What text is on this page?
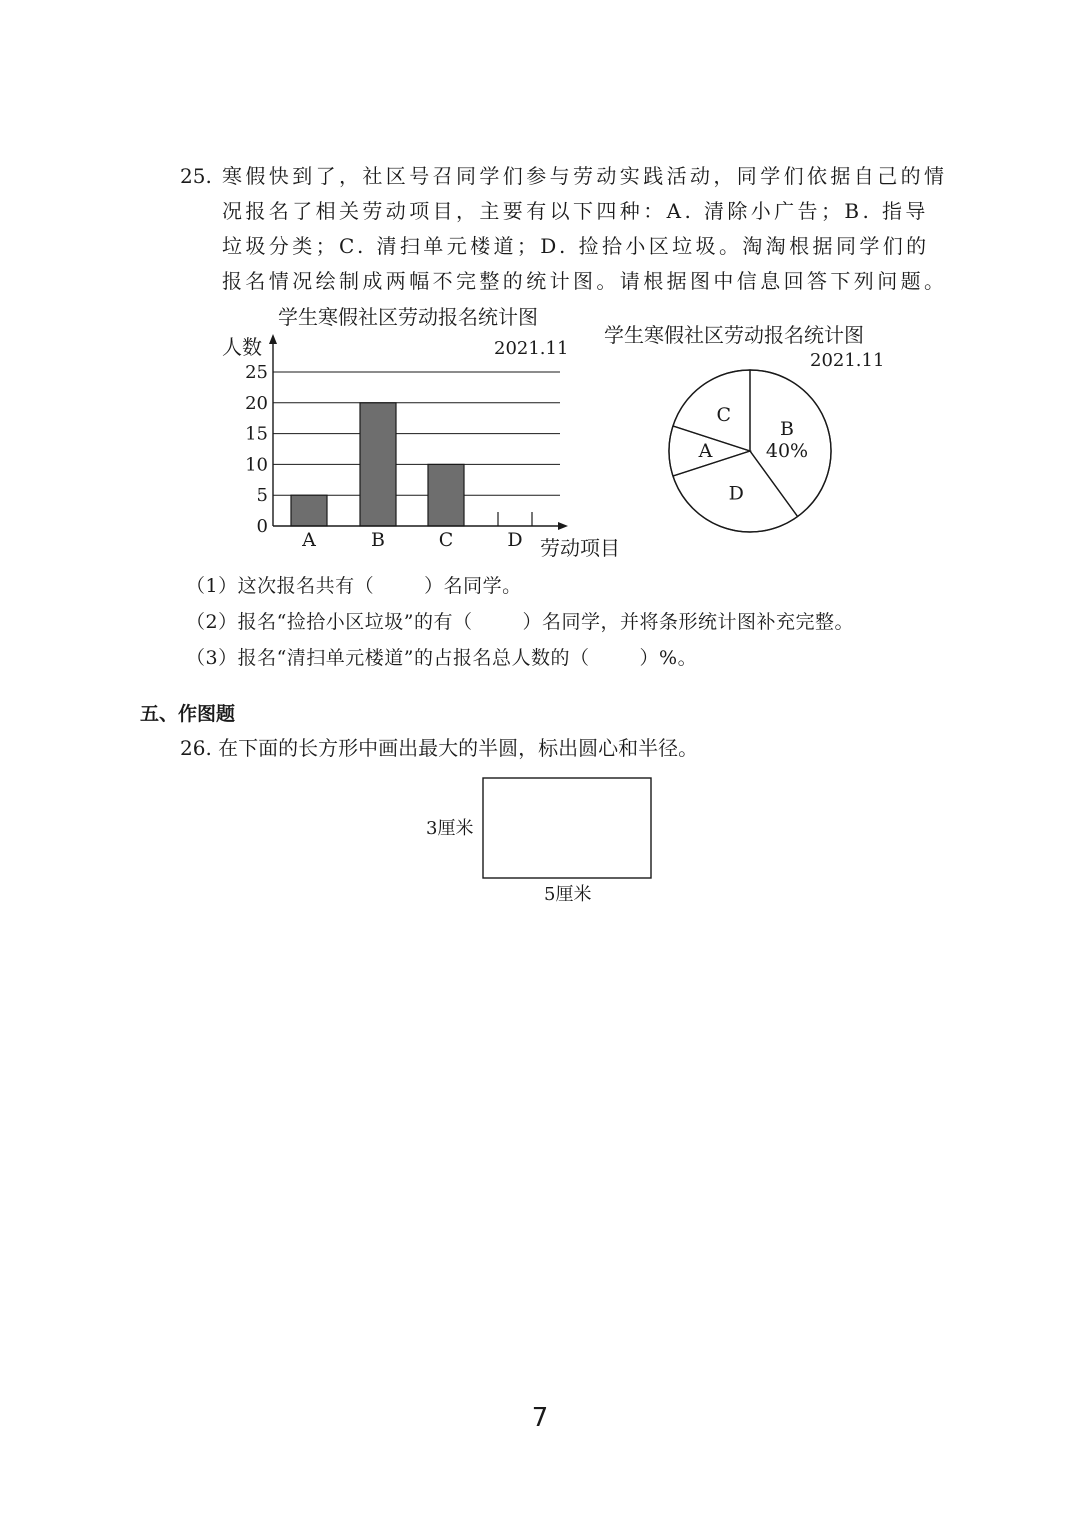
25. 寒假快到了，社区号召同学们参与劳动实践活动，同学们依据自己的情
况报名了相关劳动项目，主要有以下四种：A. 清除小广告；B. 指导
垃圾分类；C. 清扫单元楼道；D. 捡拾小区垃圾。淘淘根据同学们的
报名情况绘制成两幅不完整的统计图。请根据图中信息回答下列问题。
学生寒假社区劳动报名统计图
2021.11
人数
0
5
10
15
20
25
A	B	C	D 劳动项目
学生寒假社区劳动报名统计图
2021.11
B
40%
D
A
C
（1）这次报名共有（	）名同学。
（2）报名“捡拾小区垃圾”的有（	）名同学，并将条形统计图补充完整。
（3）报名“清扫单元楼道”的占报名总人数的（	）%。
五、作图题
26. 在下面的长方形中画出最大的半圆，标出圆心和半径。
3厘米
5厘米
7
